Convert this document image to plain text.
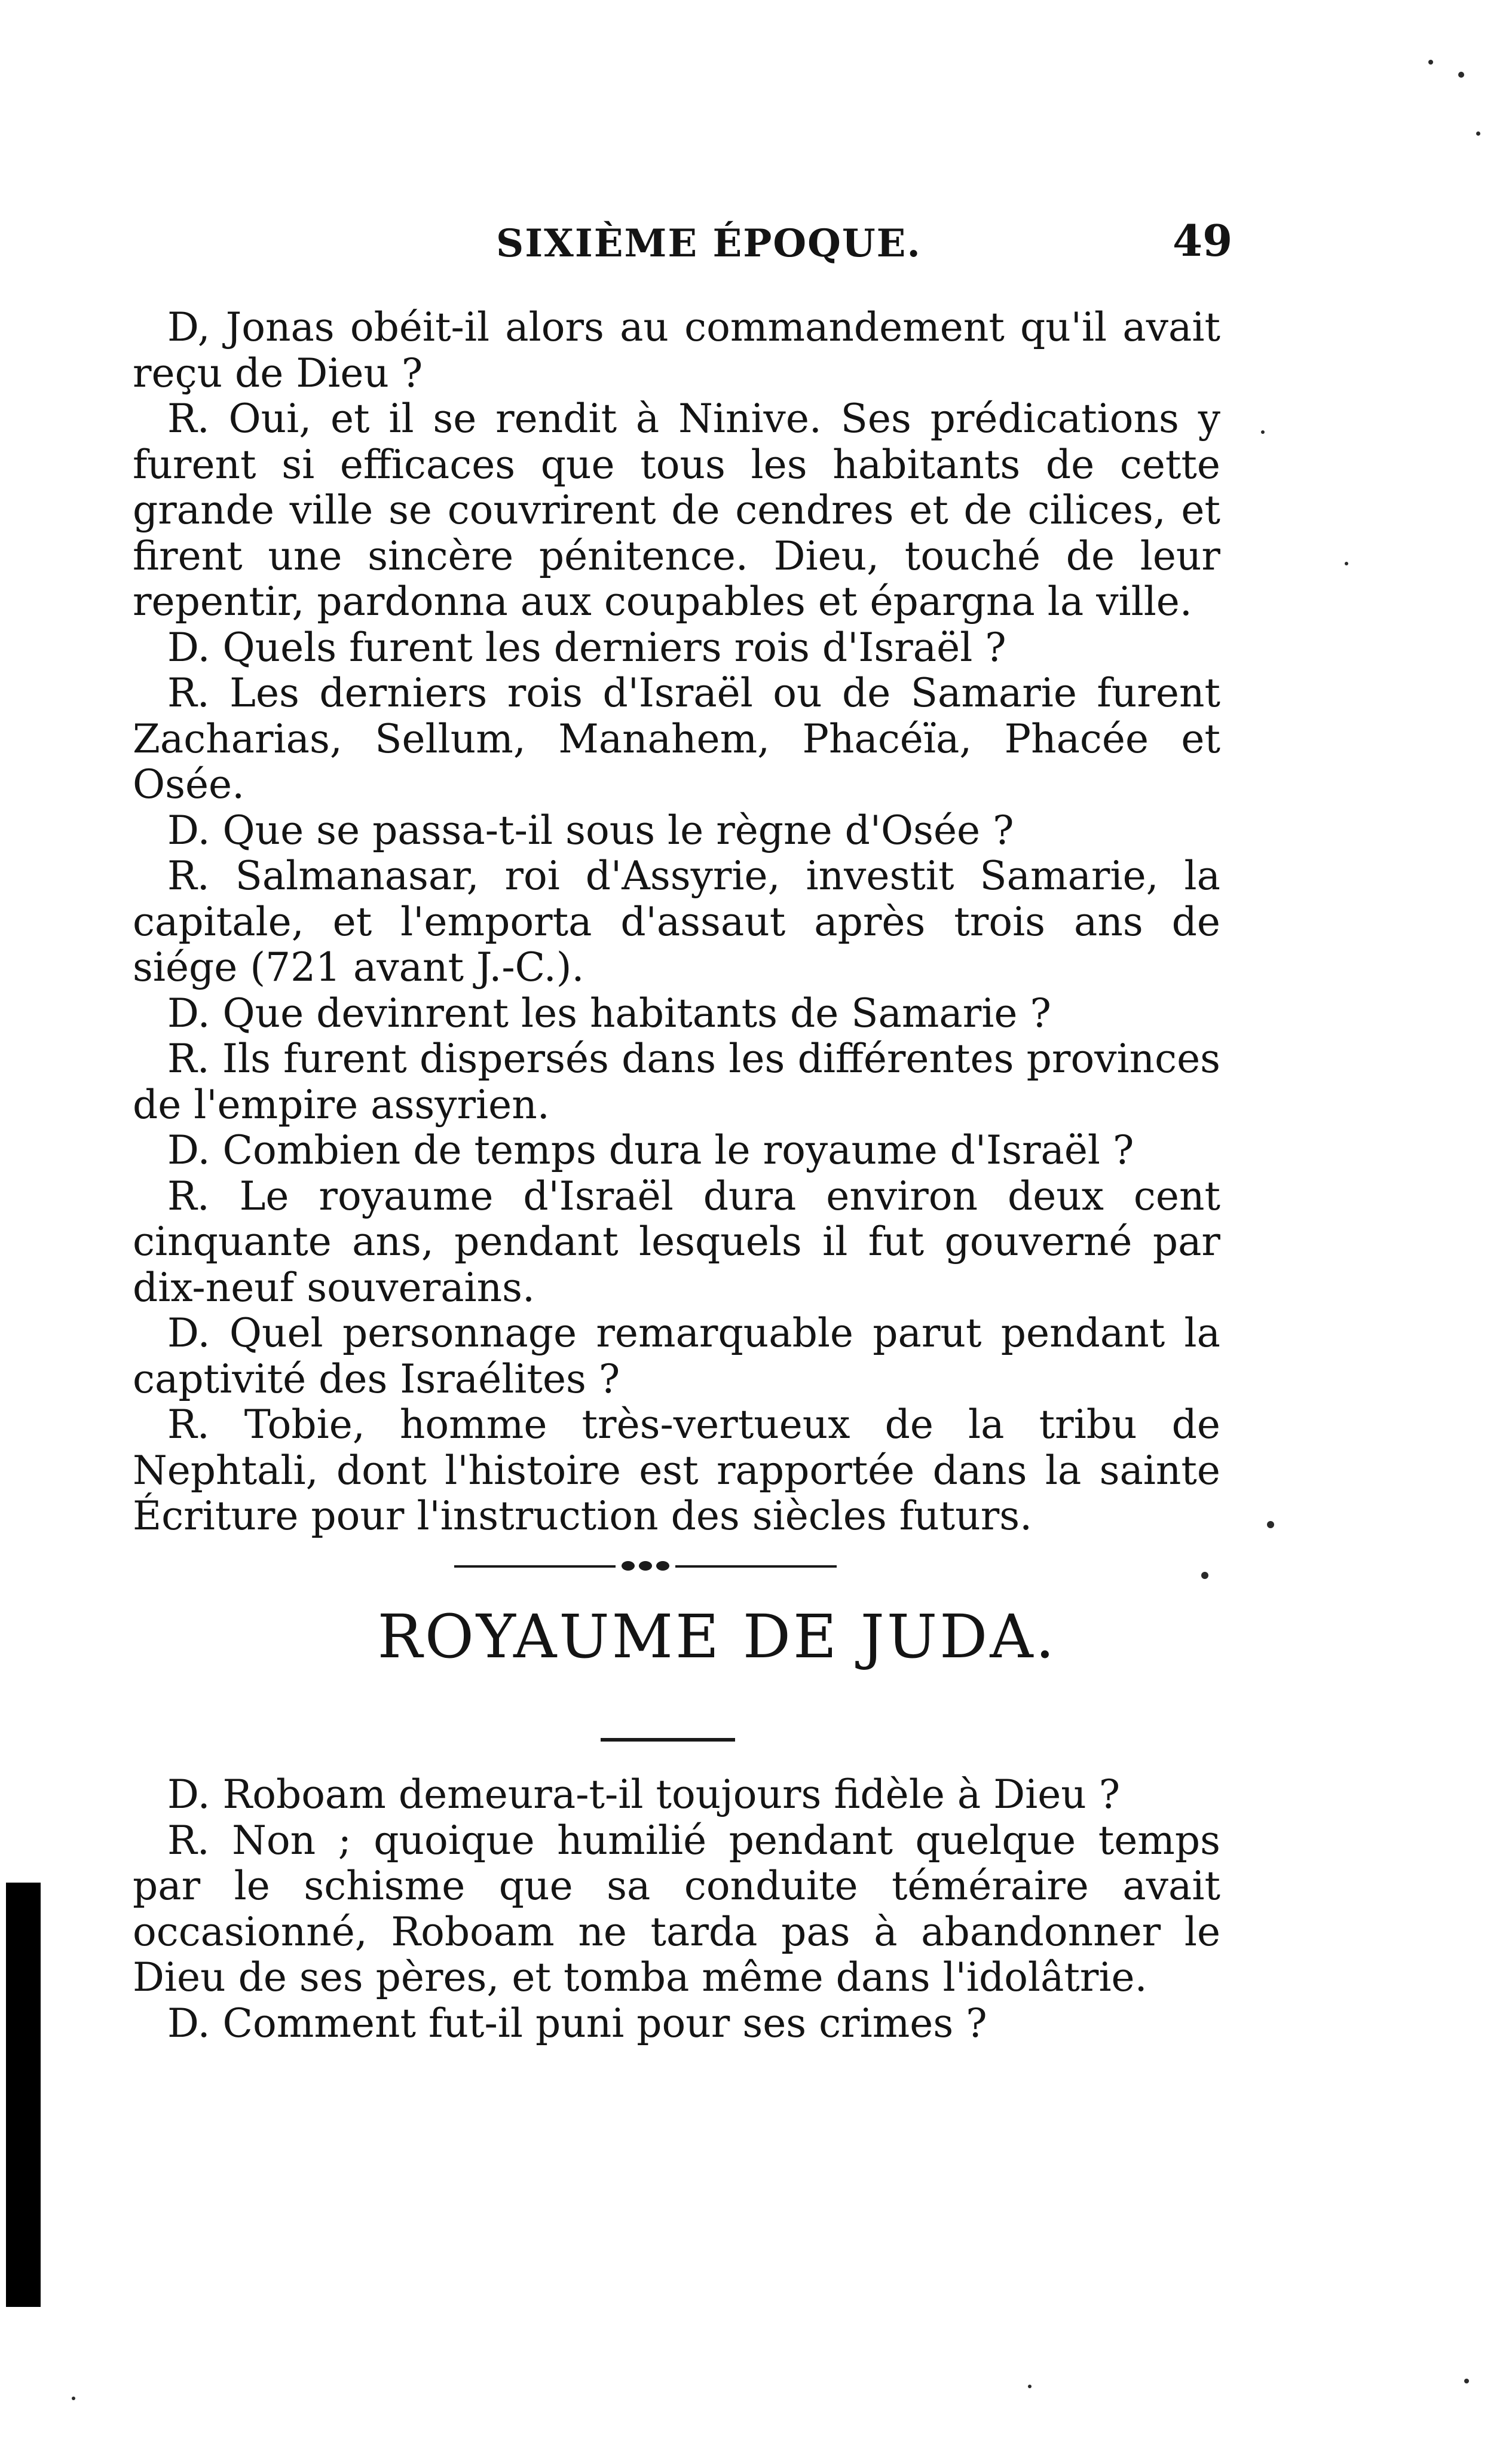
SIXIÈME ÉPOQUE.	49

D, Jonas obéit-il alors au commandement qu'il avait reçu de Dieu ?

R. Oui, et il se rendit à Ninive. Ses prédications y furent si efficaces que tous les habitants de cette grande ville se couvrirent de cendres et de cilices, et firent une sincère pénitence. Dieu, touché de leur repentir, pardonna aux coupables et épargna la ville.

D. Quels furent les derniers rois d'Israël ?

R. Les derniers rois d'Israël ou de Samarie furent Zacharias, Sellum, Manahem, Phacéïa, Phacée et Osée.

D. Que se passa-t-il sous le règne d'Osée ?

R. Salmanasar, roi d'Assyrie, investit Samarie, la capitale, et l'emporta d'assaut après trois ans de siége (721 avant J.-C.).

D. Que devinrent les habitants de Samarie ?

R. Ils furent dispersés dans les différentes provinces de l'empire assyrien.

D. Combien de temps dura le royaume d'Israël ?

R. Le royaume d'Israël dura environ deux cent cinquante ans, pendant lesquels il fut gouverné par dix-neuf souverains.

D. Quel personnage remarquable parut pendant la captivité des Israélites ?

R. Tobie, homme très-vertueux de la tribu de Nephtali, dont l'histoire est rapportée dans la sainte Écriture pour l'instruction des siècles futurs.

ROYAUME DE JUDA.

D. Roboam demeura-t-il toujours fidèle à Dieu ?

R. Non ; quoique humilié pendant quelque temps par le schisme que sa conduite téméraire avait occasionné, Roboam ne tarda pas à abandonner le Dieu de ses pères, et tomba même dans l'idolâtrie.

D. Comment fut-il puni pour ses crimes ?
